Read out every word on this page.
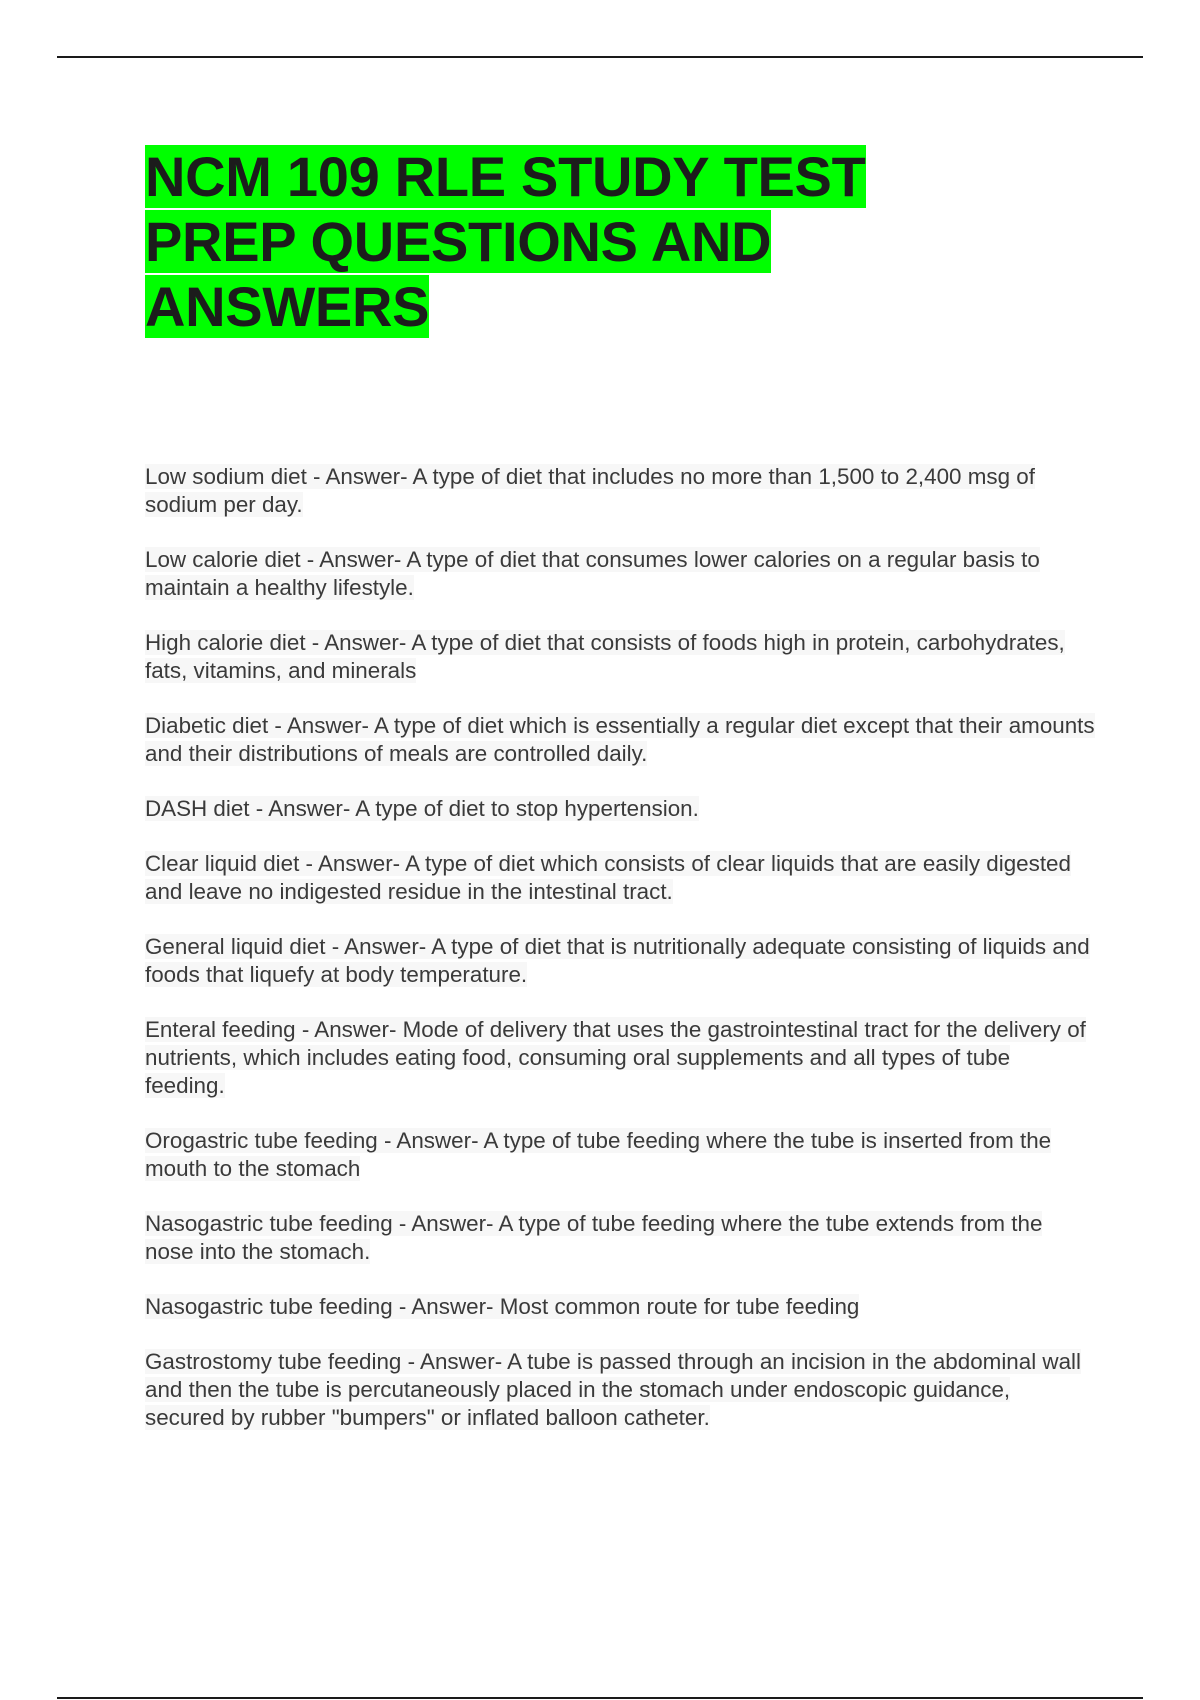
NCM 109 RLE STUDY TEST PREP QUESTIONS AND ANSWERS
Low sodium diet - Answer- A type of diet that includes no more than 1,500 to 2,400 msg of sodium per day.
Low calorie diet - Answer- A type of diet that consumes lower calories on a regular basis to maintain a healthy lifestyle.
High calorie diet - Answer- A type of diet that consists of foods high in protein, carbohydrates, fats, vitamins, and minerals
Diabetic diet - Answer- A type of diet which is essentially a regular diet except that their amounts and their distributions of meals are controlled daily.
DASH diet - Answer- A type of diet to stop hypertension.
Clear liquid diet - Answer- A type of diet which consists of clear liquids that are easily digested and leave no indigested residue in the intestinal tract.
General liquid diet - Answer- A type of diet that is nutritionally adequate consisting of liquids and foods that liquefy at body temperature.
Enteral feeding - Answer- Mode of delivery that uses the gastrointestinal tract for the delivery of nutrients, which includes eating food, consuming oral supplements and all types of tube feeding.
Orogastric tube feeding - Answer- A type of tube feeding where the tube is inserted from the mouth to the stomach
Nasogastric tube feeding - Answer- A type of tube feeding where the tube extends from the nose into the stomach.
Nasogastric tube feeding - Answer- Most common route for tube feeding
Gastrostomy tube feeding - Answer- A tube is passed through an incision in the abdominal wall and then the tube is percutaneously placed in the stomach under endoscopic guidance, secured by rubber "bumpers" or inflated balloon catheter.
